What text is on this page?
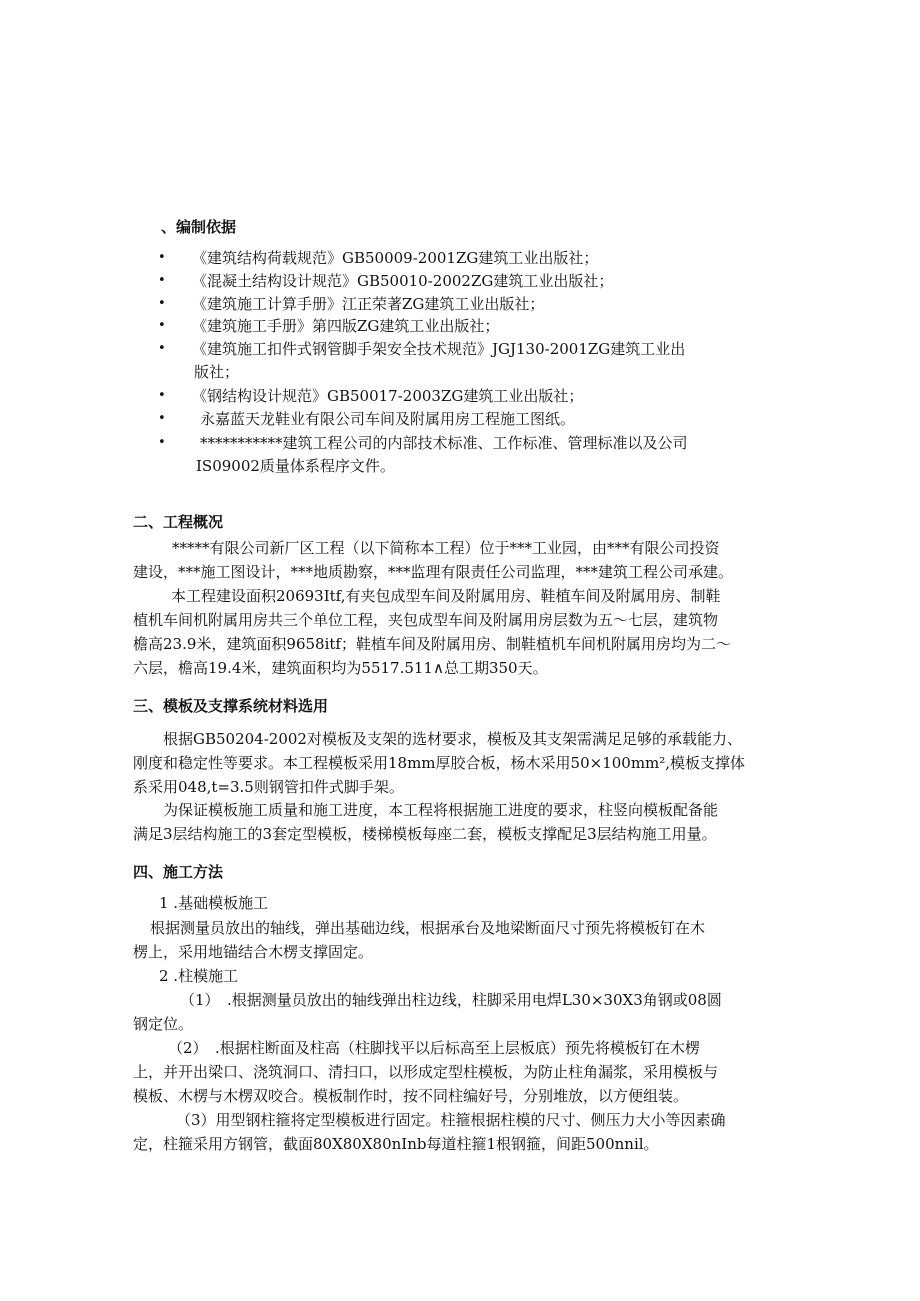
、编制依据
• 《建筑结构荷载规范》GB50009-2001ZG建筑工业出版社；
• 《混凝土结构设计规范》GB50010-2002ZG建筑工业出版社；
• 《建筑施工计算手册》江正荣著ZG建筑工业出版社；
• 《建筑施工手册》第四版ZG建筑工业出版社；
• 《建筑施工扣件式钢管脚手架安全技术规范》JGJ130-2001ZG建筑工业出
版社；
• 《钢结构设计规范》GB50017-2003ZG建筑工业出版社；
• 永嘉蓝天龙鞋业有限公司车间及附属用房工程施工图纸。
• ***********建筑工程公司的内部技术标准、工作标准、管理标准以及公司
IS09002质量体系程序文件。
二、工程概况
*****有限公司新厂区工程（以下简称本工程）位于***工业园，由***有限公司投资
建设，***施工图设计，***地质勘察，***监理有限责任公司监理，***建筑工程公司承建。
本工程建设面积20693Itf,有夹包成型车间及附属用房、鞋植车间及附属用房、制鞋
植机车间机附属用房共三个单位工程，夹包成型车间及附属用房层数为五～七层，建筑物
檐高23.9米，建筑面积9658itf；鞋植车间及附属用房、制鞋植机车间机附属用房均为二～
六层，檐高19.4米，建筑面积均为5517.511∧总工期350天。
三、模板及支撑系统材料选用
根据GB50204-2002对模板及支架的选材要求，模板及其支架需满足足够的承载能力、
刚度和稳定性等要求。本工程模板采用18mm厚胶合板，杨木采用50×100mm²,模板支撑体
系采用048,t=3.5则钢管扣件式脚手架。
为保证模板施工质量和施工进度，本工程将根据施工进度的要求，柱竖向模板配备能
满足3层结构施工的3套定型模板，楼梯模板每座二套，模板支撑配足3层结构施工用量。
四、施工方法
1 .基础模板施工
根据测量员放出的轴线，弹出基础边线，根据承台及地梁断面尺寸预先将模板钉在木
楞上，采用地锚结合木楞支撑固定。
2 .柱模施工
（1）　.根据测量员放出的轴线弹出柱边线，柱脚采用电焊L30×30X3角钢或08圆
钢定位。
（2）　.根据柱断面及柱高（柱脚找平以后标高至上层板底）预先将模板钉在木楞
上，并开出梁口、浇筑洞口、清扫口，以形成定型柱模板，为防止柱角漏浆，采用模板与
模板、木楞与木楞双咬合。模板制作时，按不同柱编好号，分别堆放，以方便组装。
（3）用型钢柱箍将定型模板进行固定。柱箍根据柱模的尺寸、侧压力大小等因素确
定，柱箍采用方钢管，截面80X80X80nInb每道柱箍1根钢箍，间距500nnil。
